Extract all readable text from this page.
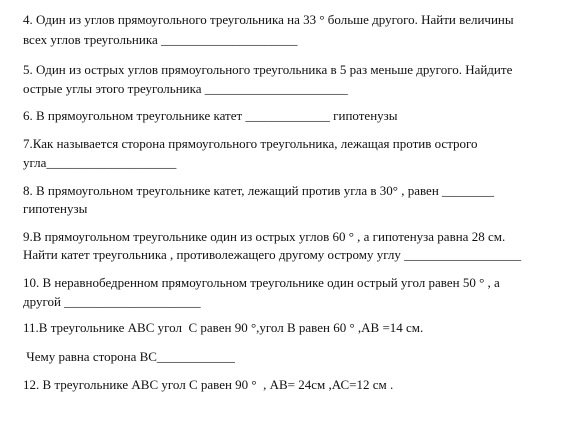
4. Один из углов прямоугольного треугольника на 33 ° больше другого. Найти величины
всех углов треугольника _____________________
5. Один из острых углов прямоугольного треугольника в 5 раз меньше другого. Найдите
острые углы этого треугольника ______________________
6. В прямоугольном треугольнике катет _____________ гипотенузы
7.Как называется сторона прямоугольного треугольника, лежащая против острого
угла____________________
8. В прямоугольном треугольнике катет, лежащий против угла в 30° , равен ________
гипотенузы
9.В прямоугольном треугольнике один из острых углов 60 ° , а гипотенуза равна 28 см.
Найти катет треугольника , противолежащего другому острому углу __________________
10. В неравнобедренном прямоугольном треугольнике один острый угол равен 50 ° , а
другой _____________________
11.В треугольнике АВС угол  С равен 90 °,угол В равен 60 ° ,АВ =14 см.
Чему равна сторона ВС____________
12. В треугольнике АВС угол С равен 90 °  , АВ= 24см ,АС=12 см .
